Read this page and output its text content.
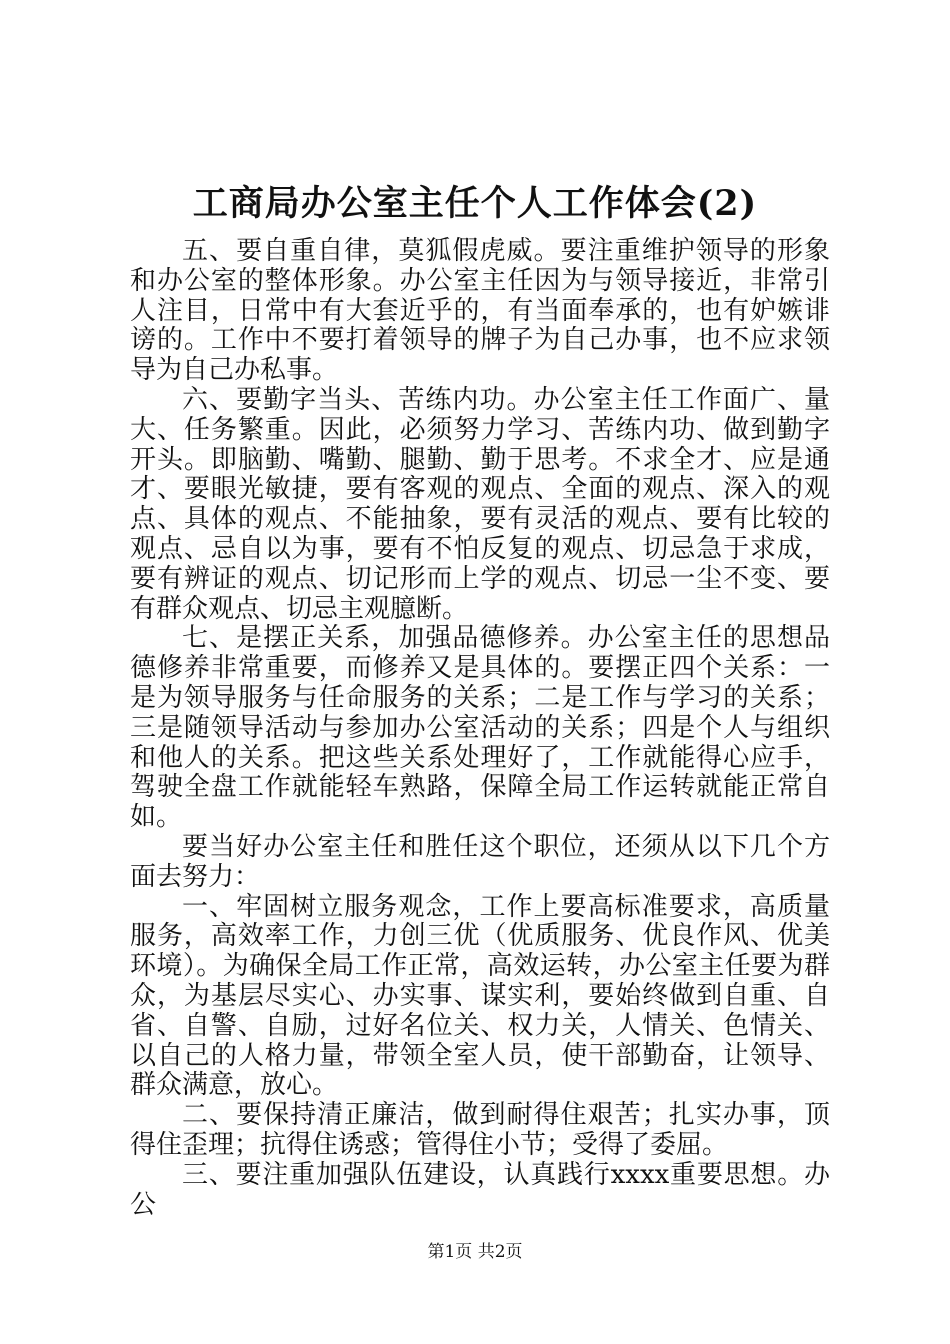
工商局办公室主任个人工作体会(2)

五、要自重自律，莫狐假虎威。要注重维护领导的形象和办公室的整体形象。办公室主任因为与领导接近，非常引人注目，日常中有大套近乎的，有当面奉承的，也有妒嫉诽谤的。工作中不要打着领导的牌子为自己办事，也不应求领导为自己办私事。

六、要勤字当头、苦练内功。办公室主任工作面广、量大、任务繁重。因此，必须努力学习、苦练内功、做到勤字开头。即脑勤、嘴勤、腿勤、勤于思考。不求全才、应是通才、要眼光敏捷，要有客观的观点、全面的观点、深入的观点、具体的观点、不能抽象，要有灵活的观点、要有比较的观点、忌自以为事，要有不怕反复的观点、切忌急于求成，要有辨证的观点、切记形而上学的观点、切忌一尘不变、要有群众观点、切忌主观臆断。

七、是摆正关系，加强品德修养。办公室主任的思想品德修养非常重要，而修养又是具体的。要摆正四个关系：一是为领导服务与任命服务的关系；二是工作与学习的关系；三是随领导活动与参加办公室活动的关系；四是个人与组织和他人的关系。把这些关系处理好了，工作就能得心应手，驾驶全盘工作就能轻车熟路，保障全局工作运转就能正常自如。

要当好办公室主任和胜任这个职位，还须从以下几个方面去努力：

一、牢固树立服务观念，工作上要高标准要求，高质量服务，高效率工作，力创三优（优质服务、优良作风、优美环境）。为确保全局工作正常，高效运转，办公室主任要为群众，为基层尽实心、办实事、谋实利，要始终做到自重、自省、自警、自励，过好名位关、权力关，人情关、色情关、以自己的人格力量，带领全室人员，使干部勤奋，让领导、群众满意，放心。

二、要保持清正廉洁，做到耐得住艰苦；扎实办事，顶得住歪理；抗得住诱惑；管得住小节；受得了委屈。

三、要注重加强队伍建设，认真践行xxxx重要思想。办公

第1页 共2页
